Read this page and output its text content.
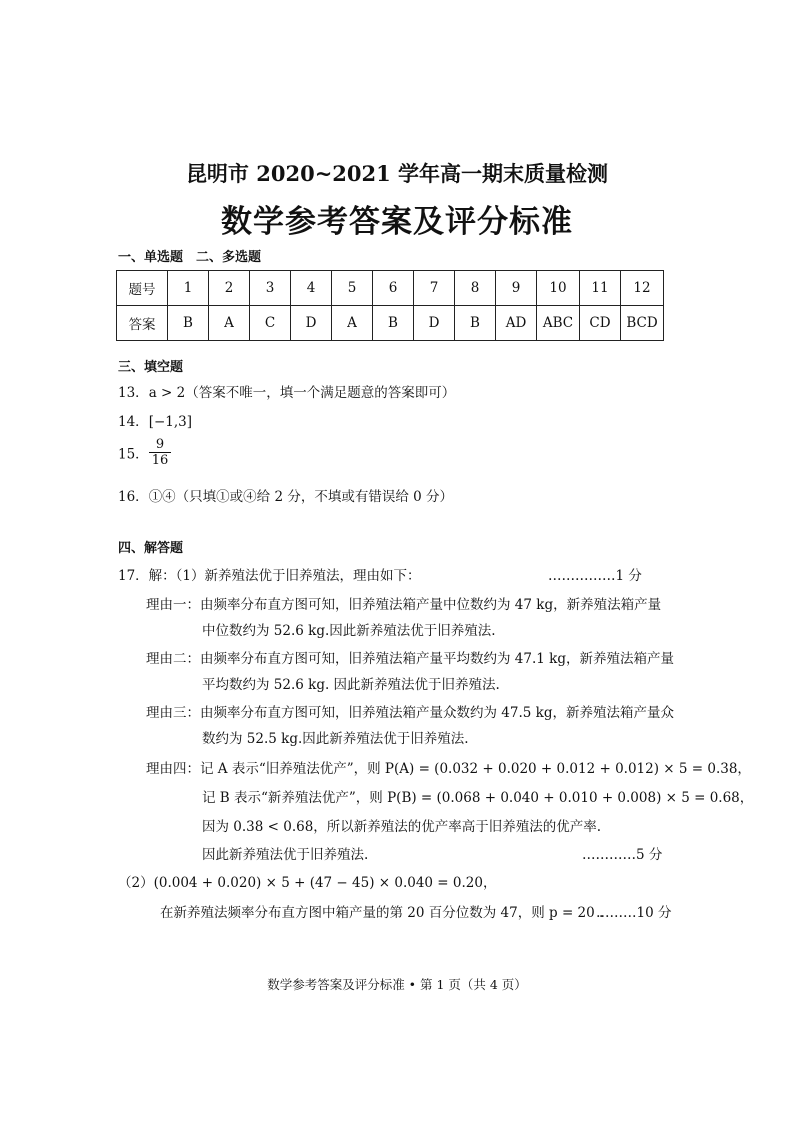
昆明市 2020~2021 学年高一期末质量检测
数学参考答案及评分标准
一、单选题　二、多选题
题号	1	2	3	4	5	6	7	8	9	10	11	12
答案	B	A	C	D	A	B	D	B	AD	ABC	CD	BCD
三、填空题
13．a > 2（答案不唯一，填一个满足题意的答案即可）
14．[−1,3]
15． $\frac{9}{16}$
16．①④（只填①或④给 2 分，不填或有错误给 0 分）
四、解答题
17．解：（1）新养殖法优于旧养殖法，理由如下：	……………1 分
理由一：由频率分布直方图可知，旧养殖法箱产量中位数约为 47 kg，新养殖法箱产量
中位数约为 52.6 kg.因此新养殖法优于旧养殖法.
理由二：由频率分布直方图可知，旧养殖法箱产量平均数约为 47.1 kg，新养殖法箱产量
平均数约为 52.6 kg. 因此新养殖法优于旧养殖法.
理由三：由频率分布直方图可知，旧养殖法箱产量众数约为 47.5 kg，新养殖法箱产量众
数约为 52.5 kg.因此新养殖法优于旧养殖法.
理由四：记 A 表示“旧养殖法优产”，则 P(A) = (0.032 + 0.020 + 0.012 + 0.012) × 5 = 0.38，
记 B 表示“新养殖法优产”，则 P(B) = (0.068 + 0.040 + 0.010 + 0.008) × 5 = 0.68，
因为 0.38 < 0.68，所以新养殖法的优产率高于旧养殖法的优产率.
因此新养殖法优于旧养殖法.	…………5 分
（2）(0.004 + 0.020) × 5 + (47 − 45) × 0.040 = 0.20，
在新养殖法频率分布直方图中箱产量的第 20 百分位数为 47，则 p = 20 .
………10 分
数学参考答案及评分标准 • 第 1 页（共 4 页）
